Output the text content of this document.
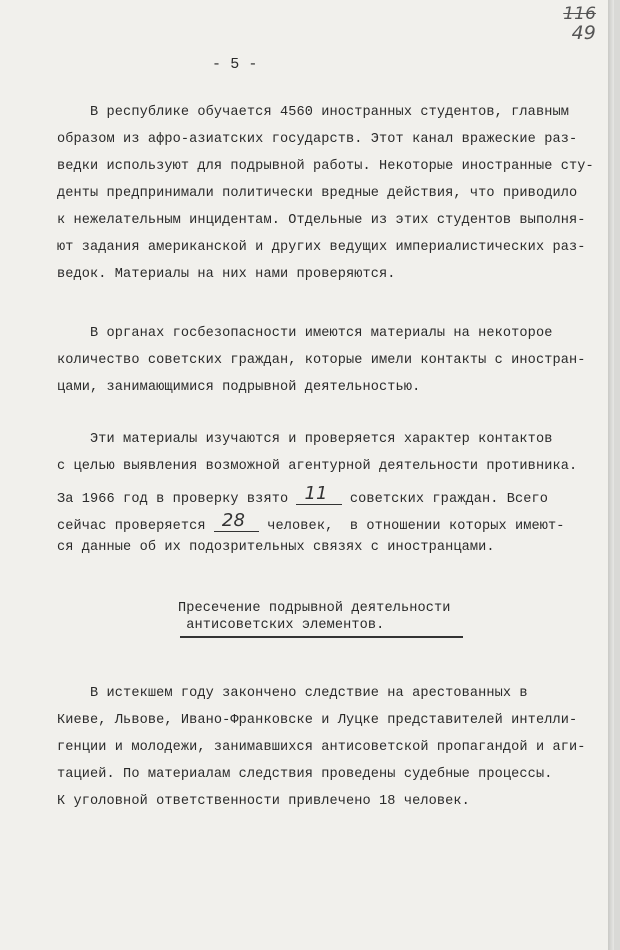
116
49
- 5 -
В республике обучается 4560 иностранных студентов, главным
образом из афро-азиатских государств. Этот канал вражеские раз-
ведки используют для подрывной работы. Некоторые иностранные сту-
денты предпринимали политически вредные действия, что приводило
к нежелательным инцидентам. Отдельные из этих студентов выполня-
ют задания американской и других ведущих империалистических раз-
ведок. Материалы на них нами проверяются.
В органах госбезопасности имеются материалы на некоторое
количество советских граждан, которые имели контакты с иностран-
цами, занимающимися подрывной деятельностью.
Эти материалы изучаются и проверяется характер контактов
с целью выявления возможной агентурной деятельности противника.
За 1966 год в проверку взято 11 советских граждан. Всего
сейчас проверяется 28 человек,  в отношении которых имеют-
ся данные об их подозрительных связях с иностранцами.
Пресечение подрывной деятельности
антисоветских элементов.
В истекшем году закончено следствие на арестованных в
Киеве, Львове, Ивано-Франковске и Луцке представителей интелли-
генции и молодежи, занимавшихся антисоветской пропагандой и аги-
тацией. По материалам следствия проведены судебные процессы.
К уголовной ответственности привлечено 18 человек.
